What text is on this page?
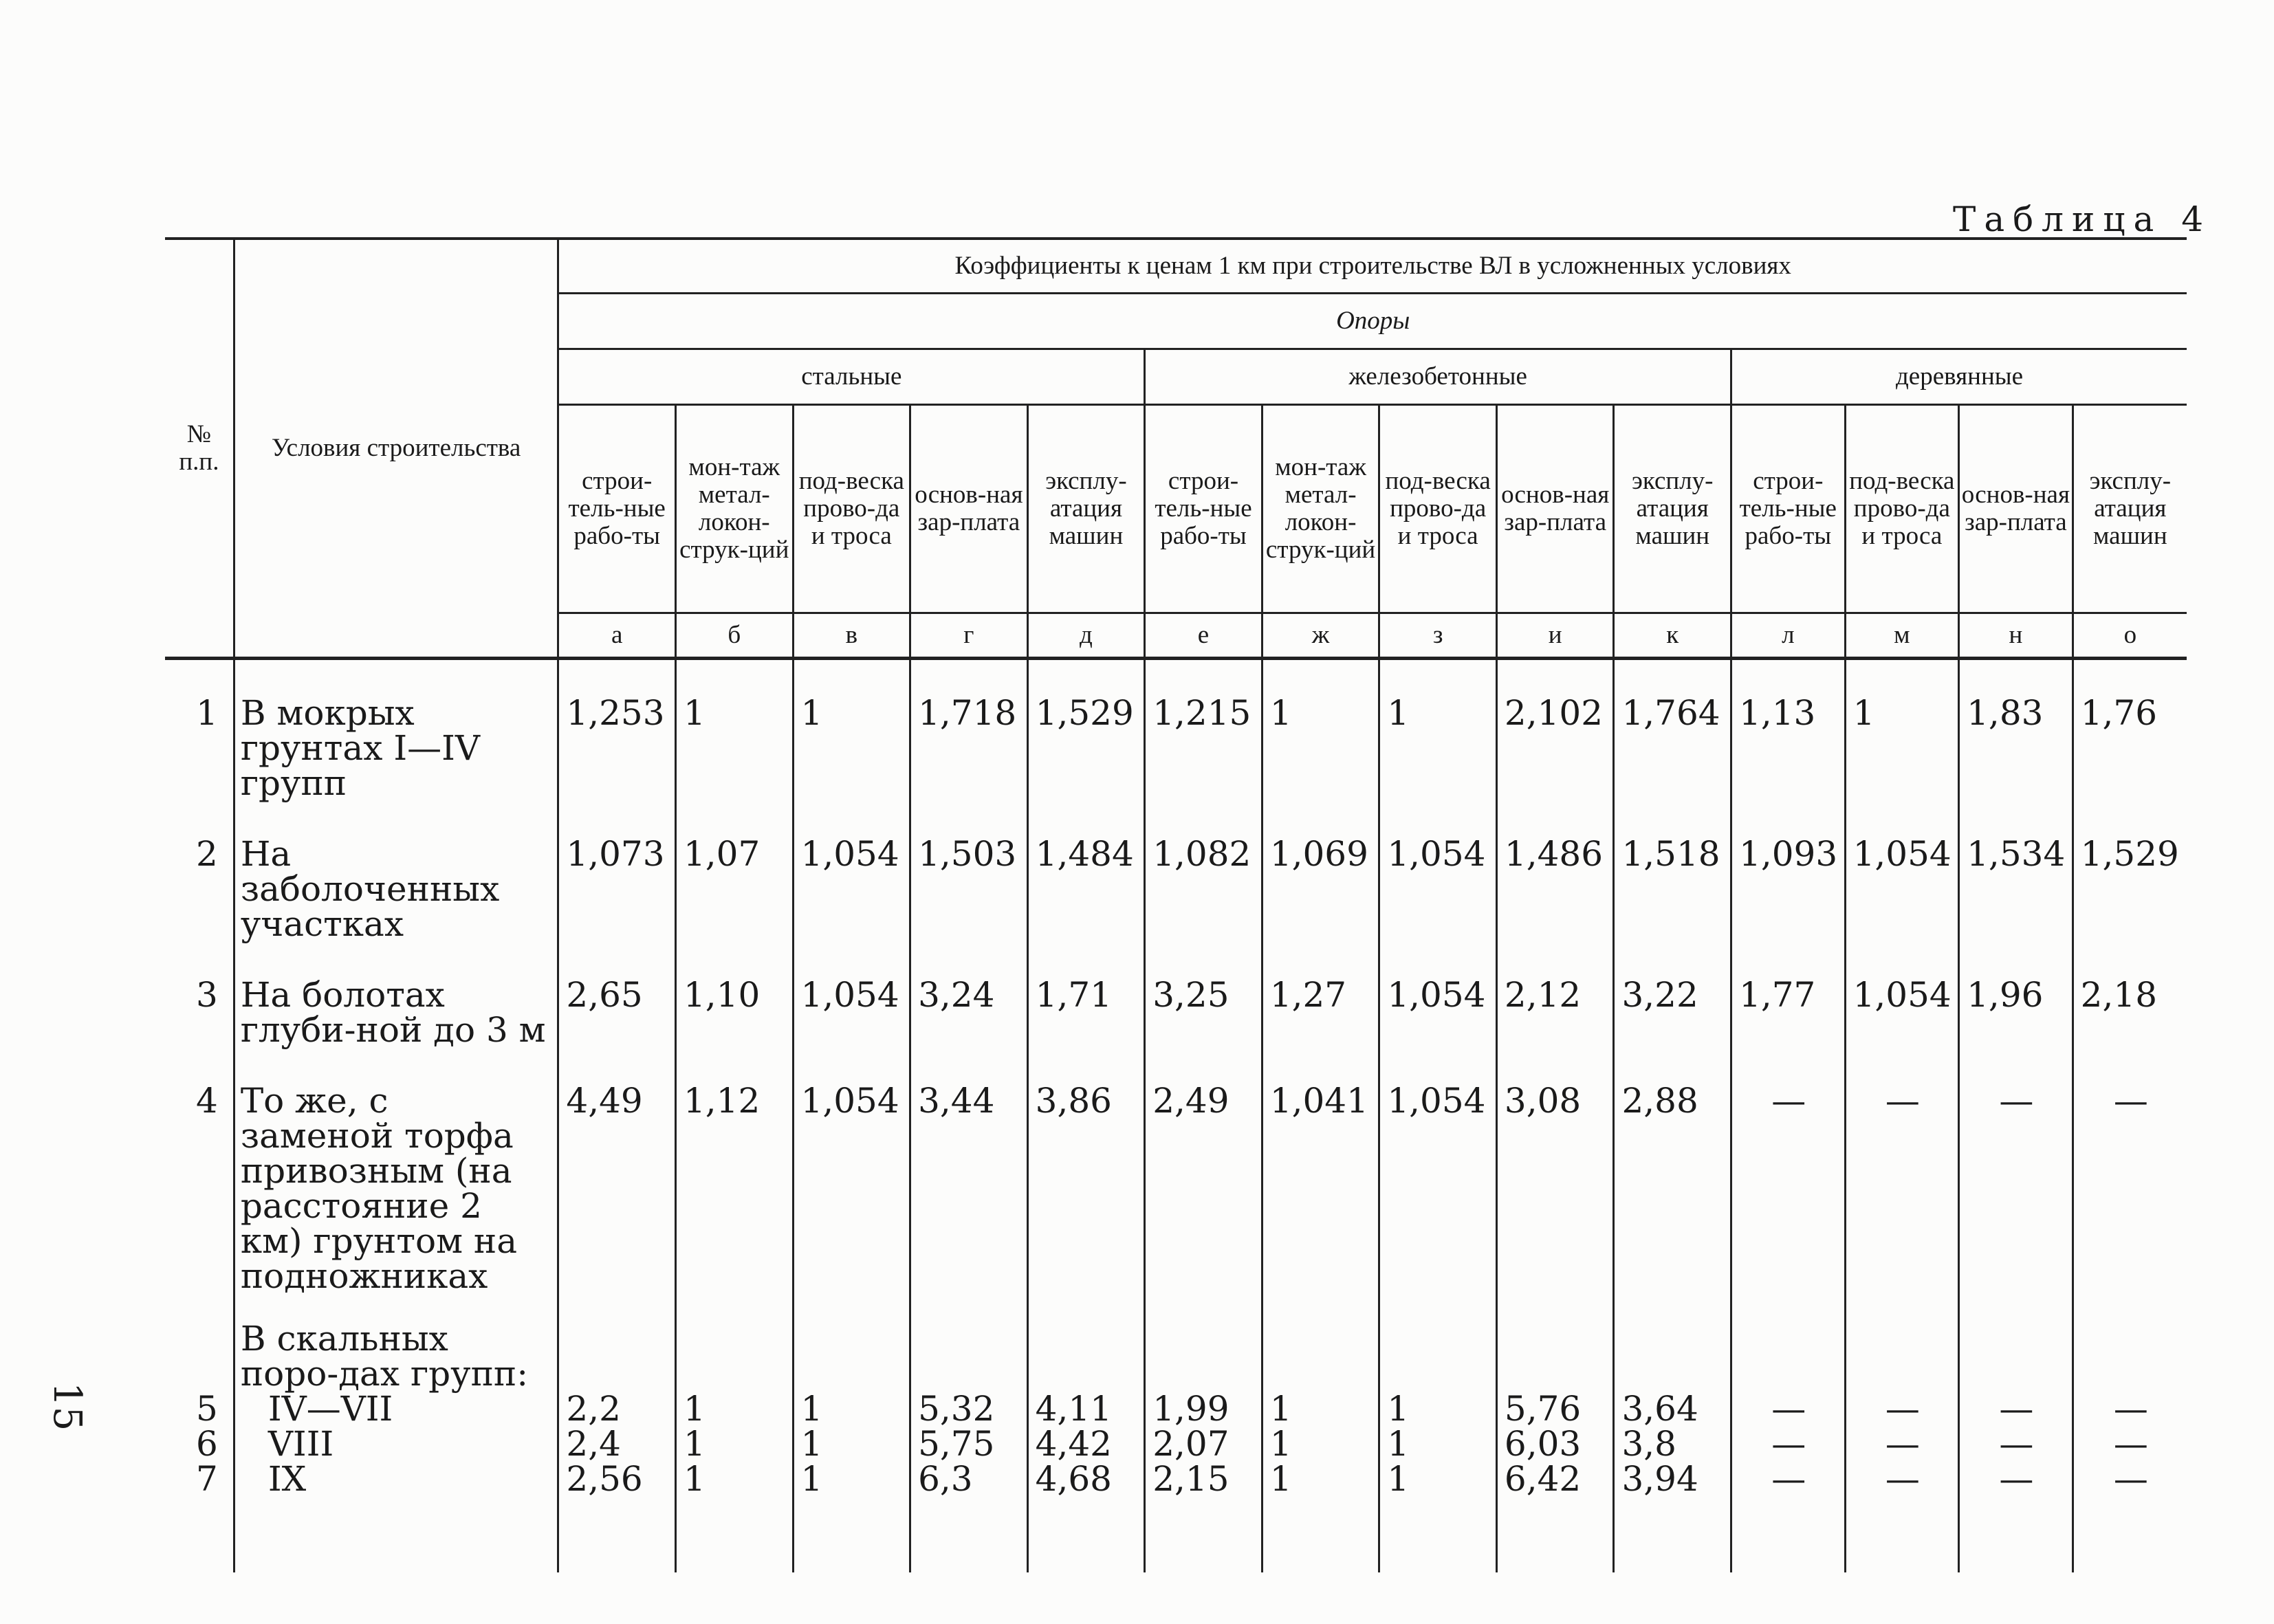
Таблица 4
15
№ п.п.	Условия строительства	Коэффициенты к ценам 1 км при строительстве ВЛ в усложненных условиях													
		Опоры													
		стальные					железобетонные					деревянные			
		строи-тель-ные рабо-ты	мон-таж метал-локон-струк-ций	под-веска прово-да и троса	основ-ная зар-плата	эксплу-атация машин	строи-тель-ные рабо-ты	мон-таж метал-локон-струк-ций	под-веска прово-да и троса	основ-ная зар-плата	эксплу-атация машин	строи-тель-ные рабо-ты	под-веска прово-да и троса	основ-ная зар-плата	эксплу-атация машин
		а	б	в	г	д	е	ж	з	и	к	л	м	н	о
1	В мокрых грунтах I—IV групп	1,253	1	1	1,718	1,529	1,215	1	1	2,102	1,764	1,13	1	1,83	1,76
2	На заболоченных участках	1,073	1,07	1,054	1,503	1,484	1,082	1,069	1,054	1,486	1,518	1,093	1,054	1,534	1,529
3	На болотах глуби-ной до 3 м	2,65	1,10	1,054	3,24	1,71	3,25	1,27	1,054	2,12	3,22	1,77	1,054	1,96	2,18
4	То же, с заменой торфа привозным (на расстояние 2 км) грунтом на подножниках	4,49	1,12	1,054	3,44	3,86	2,49	1,041	1,054	3,08	2,88	—	—	—	—
	В скальных поро-дах групп:														
5	IV—VII	2,2	1	1	5,32	4,11	1,99	1	1	5,76	3,64	—	—	—	—
6	VIII	2,4	1	1	5,75	4,42	2,07	1	1	6,03	3,8	—	—	—	—
7	IX	2,56	1	1	6,3	4,68	2,15	1	1	6,42	3,94	—	—	—	—
